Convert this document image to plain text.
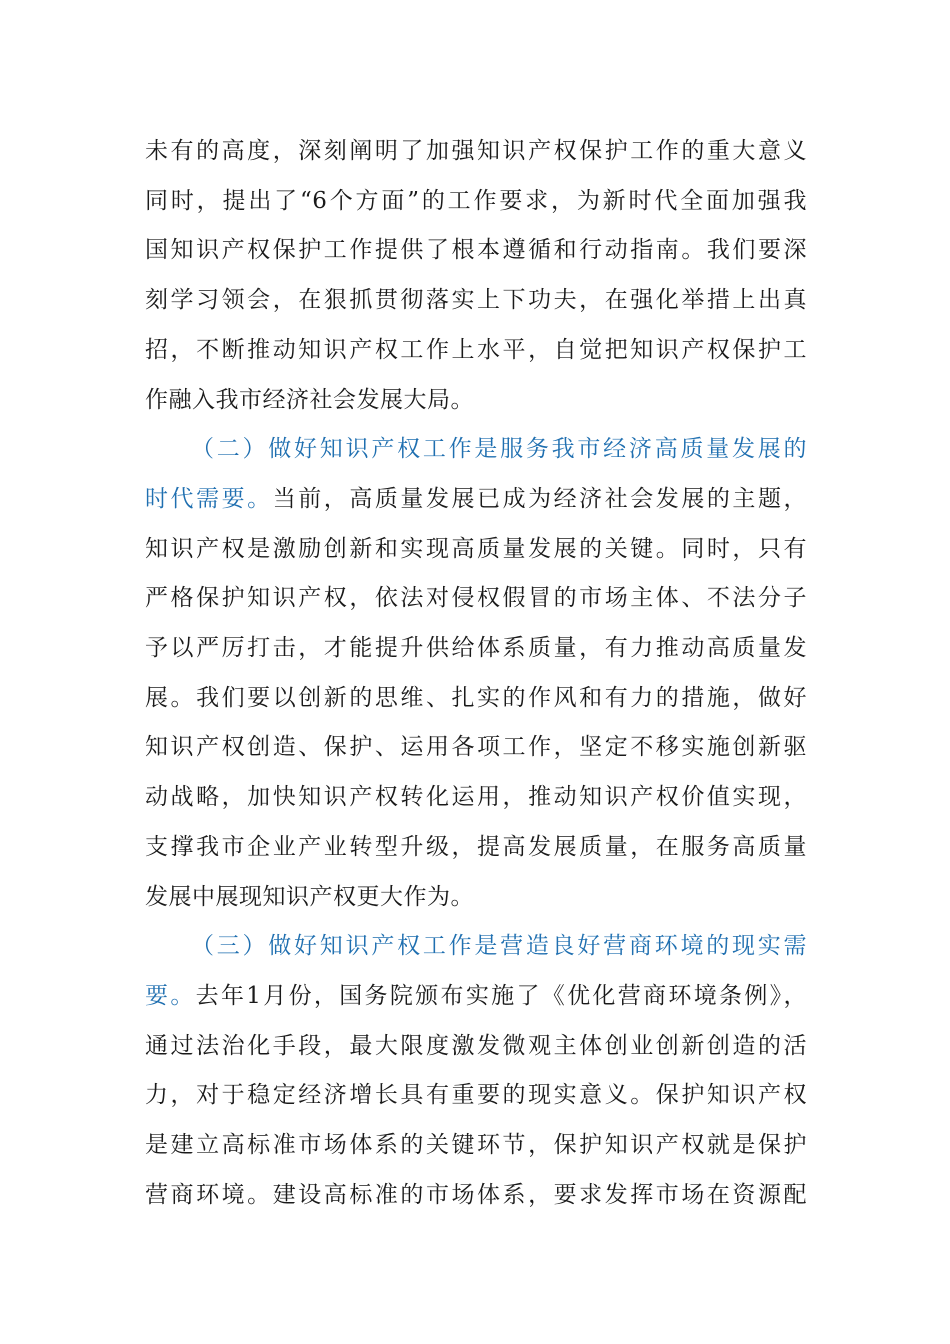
未有的高度，深刻阐明了加强知识产权保护工作的重大意义
同时，提出了“6个方面”的工作要求，为新时代全面加强我
国知识产权保护工作提供了根本遵循和行动指南。我们要深
刻学习领会，在狠抓贯彻落实上下功夫，在强化举措上出真
招，不断推动知识产权工作上水平，自觉把知识产权保护工
作融入我市经济社会发展大局。
（二）做好知识产权工作是服务我市经济高质量发展的
时代需要。当前，高质量发展已成为经济社会发展的主题，
知识产权是激励创新和实现高质量发展的关键。同时，只有
严格保护知识产权，依法对侵权假冒的市场主体、不法分子
予以严厉打击，才能提升供给体系质量，有力推动高质量发
展。我们要以创新的思维、扎实的作风和有力的措施，做好
知识产权创造、保护、运用各项工作，坚定不移实施创新驱
动战略，加快知识产权转化运用，推动知识产权价值实现，
支撑我市企业产业转型升级，提高发展质量，在服务高质量
发展中展现知识产权更大作为。
（三）做好知识产权工作是营造良好营商环境的现实需
要。去年1月份，国务院颁布实施了《优化营商环境条例》，
通过法治化手段，最大限度激发微观主体创业创新创造的活
力，对于稳定经济增长具有重要的现实意义。保护知识产权
是建立高标准市场体系的关键环节，保护知识产权就是保护
营商环境。建设高标准的市场体系，要求发挥市场在资源配
